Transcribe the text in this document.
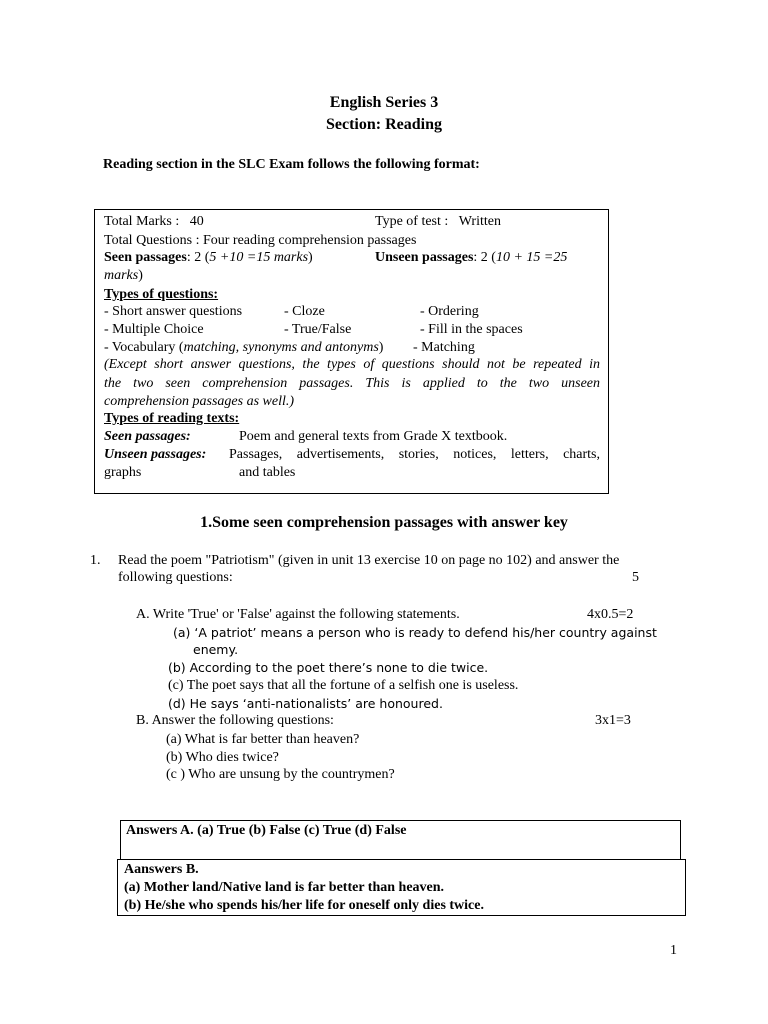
English Series 3
Section: Reading
Reading section in the SLC Exam follows the following format:
Total Marks : 40	Type of test : Written
Total Questions : Four reading comprehension passages
Seen passages: 2 (5 +10 =15 marks)	Unseen passages: 2 (10 + 15 =25
marks)
Types of questions:
- Short answer questions	- Cloze	- Ordering
- Multiple Choice	- True/False	- Fill in the spaces
- Vocabulary (matching, synonyms and antonyms) - Matching
(Except short answer questions, the types of questions should not be repeated in
the two seen comprehension passages. This is applied to the two unseen
comprehension passages as well.)
Types of reading texts:
Seen passages:	Poem and general texts from Grade X textbook.
Unseen passages: Passages, advertisements, stories, notices, letters, charts,
graphs	and tables
1.Some seen comprehension passages with answer key
1. Read the poem "Patriotism" (given in unit 13 exercise 10 on page no 102) and answer the
following questions:	5
A. Write 'True' or 'False' against the following statements.	4x0.5=2
(a) ‘A patriot’ means a person who is ready to defend his/her country against
enemy.
(b) According to the poet there’s none to die twice.
(c) The poet says that all the fortune of a selfish one is useless.
(d) He says ‘anti-nationalists’ are honoured.
B. Answer the following questions:	3x1=3
(a) What is far better than heaven?
(b) Who dies twice?
(c ) Who are unsung by the countrymen?
Answers A. (a) True (b) False (c) True (d) False
Aanswers B.
(a) Mother land/Native land is far better than heaven.
(b) He/she who spends his/her life for oneself only dies twice.
1
